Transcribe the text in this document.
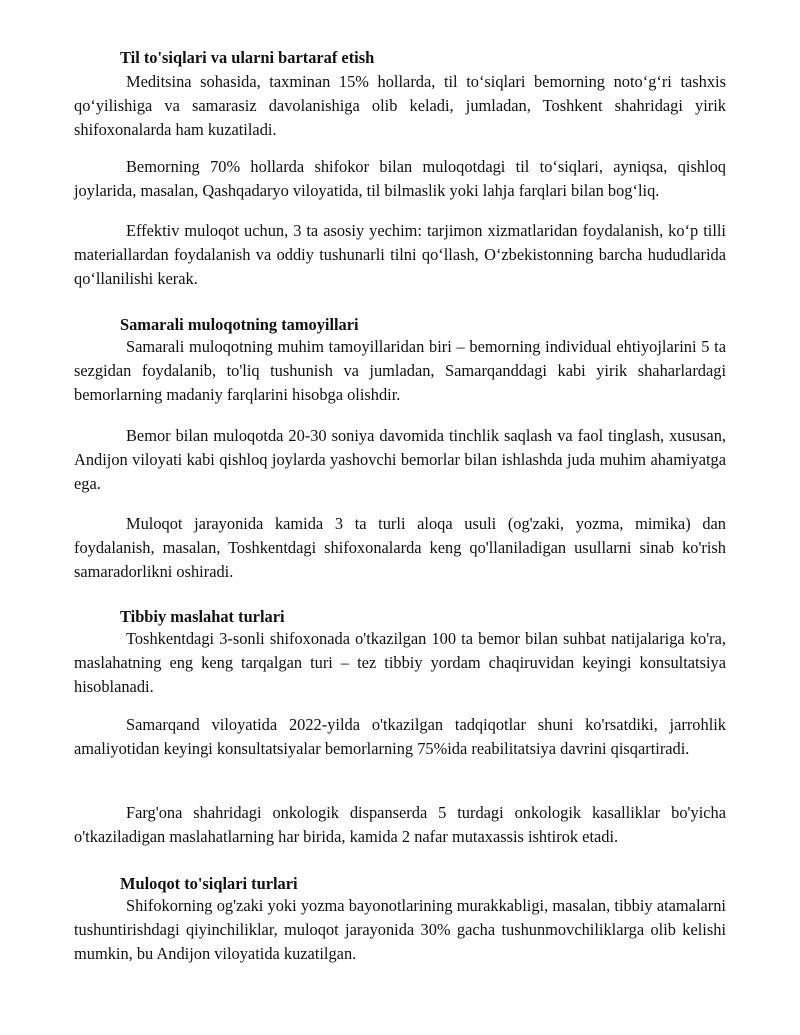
Til to'siqlari va ularni bartaraf etish

Meditsina sohasida, taxminan 15% hollarda, til to‘siqlari bemorning noto‘g‘ri tashxis qo‘yilishiga va samarasiz davolanishiga olib keladi, jumladan, Toshkent shahridagi yirik shifoxonalarda ham kuzatiladi.

Bemorning 70% hollarda shifokor bilan muloqotdagi til to‘siqlari, ayniqsa, qishloq joylarida, masalan, Qashqadaryo viloyatida, til bilmaslik yoki lahja farqlari bilan bog‘liq.

Effektiv muloqot uchun, 3 ta asosiy yechim: tarjimon xizmatlaridan foydalanish, ko‘p tilli materiallardan foydalanish va oddiy tushunarli tilni qo‘llash, O‘zbekistonning barcha hududlarida qo‘llanilishi kerak.

Samarali muloqotning tamoyillari

Samarali muloqotning muhim tamoyillaridan biri – bemorning individual ehtiyojlarini 5 ta sezgidan foydalanib, to'liq tushunish va jumladan, Samarqanddagi kabi yirik shaharlardagi bemorlarning madaniy farqlarini hisobga olishdir.

Bemor bilan muloqotda 20-30 soniya davomida tinchlik saqlash va faol tinglash, xususan, Andijon viloyati kabi qishloq joylarda yashovchi bemorlar bilan ishlashda juda muhim ahamiyatga ega.

Muloqot jarayonida kamida 3 ta turli aloqa usuli (og'zaki, yozma, mimika) dan foydalanish, masalan, Toshkentdagi shifoxonalarda keng qo'llaniladigan usullarni sinab ko'rish samaradorlikni oshiradi.

Tibbiy maslahat turlari

Toshkentdagi 3-sonli shifoxonada o'tkazilgan 100 ta bemor bilan suhbat natijalariga ko'ra, maslahatning eng keng tarqalgan turi – tez tibbiy yordam chaqiruvidan keyingi konsultatsiya hisoblanadi.

Samarqand viloyatida 2022-yilda o'tkazilgan tadqiqotlar shuni ko'rsatdiki, jarrohlik amaliyotidan keyingi konsultatsiyalar bemorlarning 75%ida reabilitatsiya davrini qisqartiradi.

Farg'ona shahridagi onkologik dispanserda 5 turdagi onkologik kasalliklar bo'yicha o'tkaziladigan maslahatlarning har birida, kamida 2 nafar mutaxassis ishtirok etadi.

Muloqot to'siqlari turlari

Shifokorning og'zaki yoki yozma bayonotlarining murakkabligi, masalan, tibbiy atamalarni tushuntirishdagi qiyinchiliklar, muloqot jarayonida 30% gacha tushunmovchiliklarga olib kelishi mumkin, bu Andijon viloyatida kuzatilgan.
